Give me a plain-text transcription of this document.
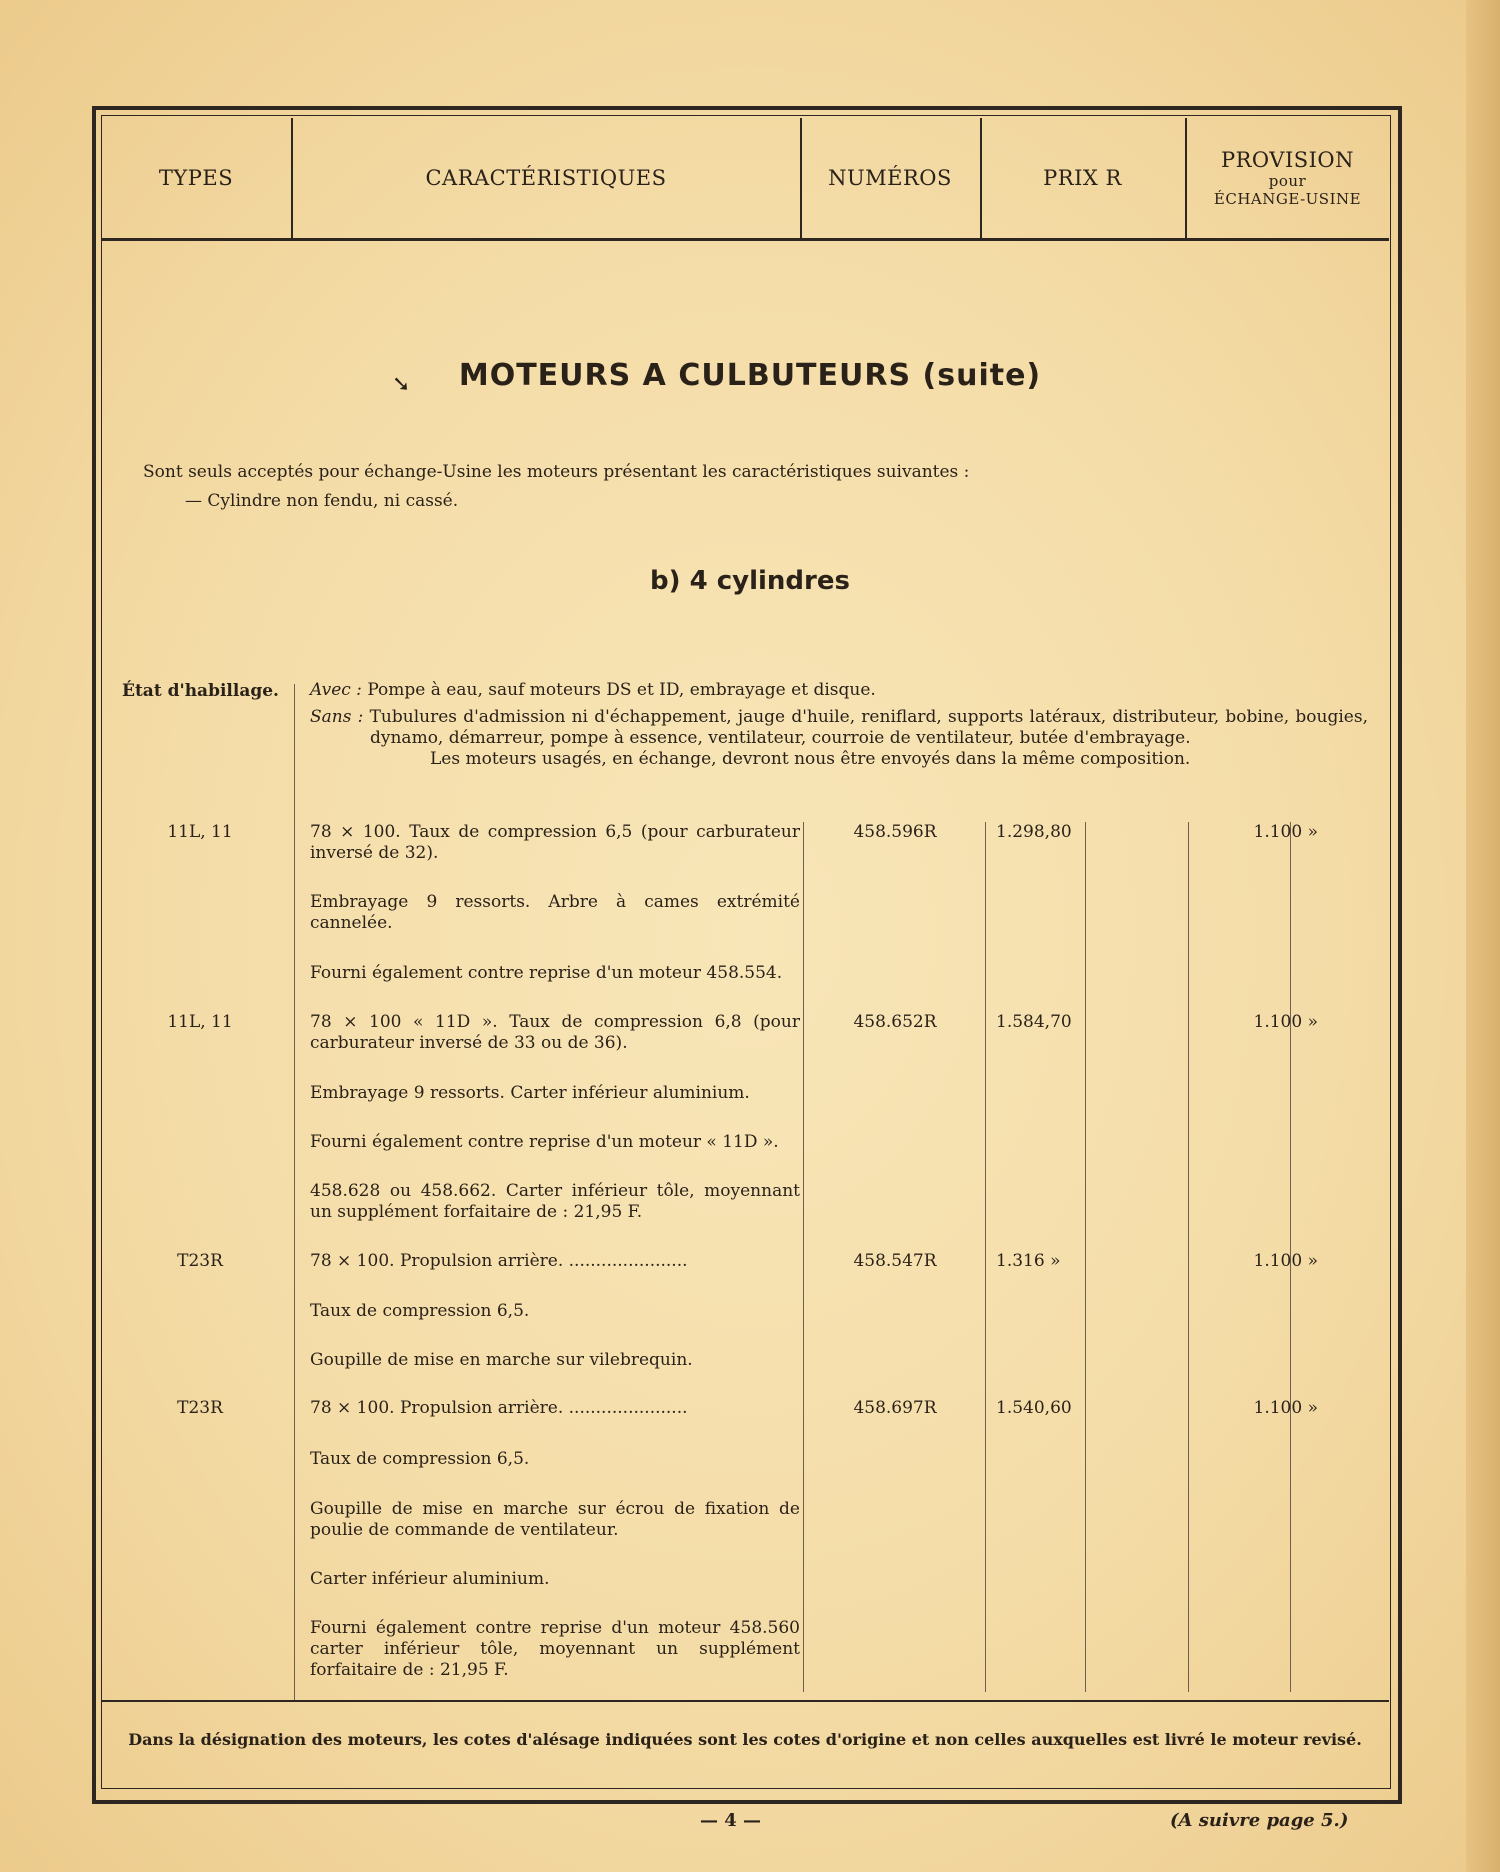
TYPES	CARACTÉRISTIQUES	NUMÉROS	PRIX R
PROVISION
pour
ÉCHANGE-USINE
➘	MOTEURS A CULBUTEURS (suite)
Sont seuls acceptés pour échange-Usine les moteurs présentant les caractéristiques suivantes :
— Cylindre non fendu, ni cassé.
b) 4 cylindres
État d'habillage. Avec : Pompe à eau, sauf moteurs DS et ID, embrayage et disque.

Sans : Tubulures d'admission ni d'échappement, jauge d'huile, reniflard, supports latéraux, distributeur, bobine, bougies, dynamo, démarreur, pompe à essence, ventilateur, courroie de ventilateur, butée d'embrayage.
Les moteurs usagés, en échange, devront nous être envoyés dans la même composition.

11L, 11	78 × 100. Taux de compression 6,5 (pour carburateur inversé de 32).
Embrayage 9 ressorts. Arbre à cames extrémité cannelée.
Fourni également contre reprise d'un moteur 458.554.
458.596R	1.298,80	1.100 »
11L, 11	78 × 100 « 11D ». Taux de compression 6,8 (pour carburateur inversé de 33 ou de 36).
Embrayage 9 ressorts. Carter inférieur aluminium.
Fourni également contre reprise d'un moteur « 11D ».
458.628 ou 458.662. Carter inférieur tôle, moyennant un supplément forfaitaire de : 21,95 F.
458.652R	1.584,70	1.100 »
T23R	78 × 100. Propulsion arrière. ......................
Taux de compression 6,5.
Goupille de mise en marche sur vilebrequin.
458.547R	1.316 »	1.100 »
T23R	78 × 100. Propulsion arrière. ......................
Taux de compression 6,5.
Goupille de mise en marche sur écrou de fixation de poulie de commande de ventilateur.
Carter inférieur aluminium.
Fourni également contre reprise d'un moteur 458.560 carter inférieur tôle, moyennant un supplément forfaitaire de : 21,95 F.
458.697R	1.540,60	1.100 »
Dans la désignation des moteurs, les cotes d'alésage indiquées sont les cotes d'origine et non celles auxquelles est livré le moteur revisé.
— 4 —	(A suivre page 5.)
